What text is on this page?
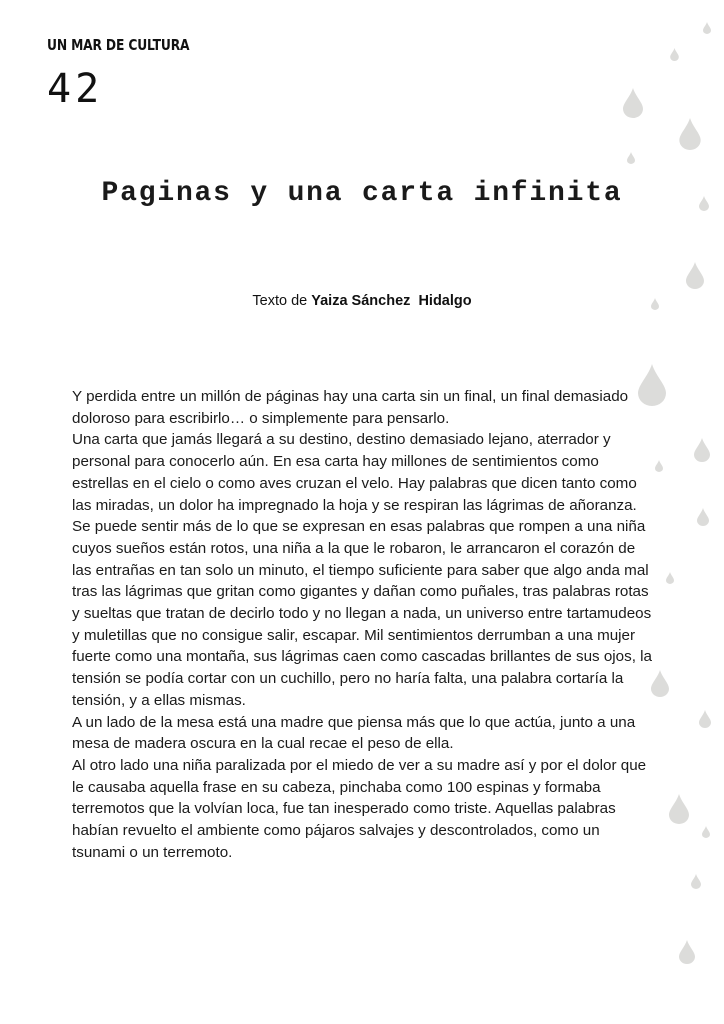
UN MAR DE CULTURA
42
Paginas y una carta infinita
Texto de Yaiza Sánchez  Hidalgo

Y perdida entre un millón de páginas hay una carta sin un final, un final demasiado doloroso para escribirlo… o simplemente para pensarlo.

Una carta que jamás llegará a su destino, destino demasiado lejano, aterrador y personal para conocerlo aún. En esa carta hay millones de sentimientos como estrellas en el cielo o como aves cruzan el velo. Hay palabras que dicen tanto como las miradas, un dolor ha impregnado la hoja y se respiran las lágrimas de añoranza. Se puede sentir más de lo que se expresan en esas palabras que rompen a una niña cuyos sueños están rotos, una niña a la que le robaron, le arrancaron el corazón de las entrañas en tan solo un minuto, el tiempo suficiente para saber que algo anda mal tras las lágrimas que gritan como gigantes y dañan como puñales, tras palabras rotas y sueltas que tratan de decirlo todo y no llegan a nada, un universo entre tartamudeos y muletillas que no consigue salir, escapar. Mil sentimientos derrumban a una mujer fuerte como una montaña, sus lágrimas caen como cascadas brillantes de sus ojos, la tensión se podía cortar con un cuchillo, pero no haría falta, una palabra cortaría la tensión, y a ellas mismas.

A un lado de la mesa está una madre que piensa más que lo que actúa, junto a una mesa de madera oscura en la cual recae el peso de ella.

Al otro lado una niña paralizada por el miedo de ver a su madre así y por el dolor que le causaba aquella frase en su cabeza, pinchaba como 100 espinas y formaba terremotos que la volvían loca, fue tan inesperado como triste. Aquellas palabras habían revuelto el ambiente como pájaros salvajes y descontrolados, como un tsunami o un terremoto.
